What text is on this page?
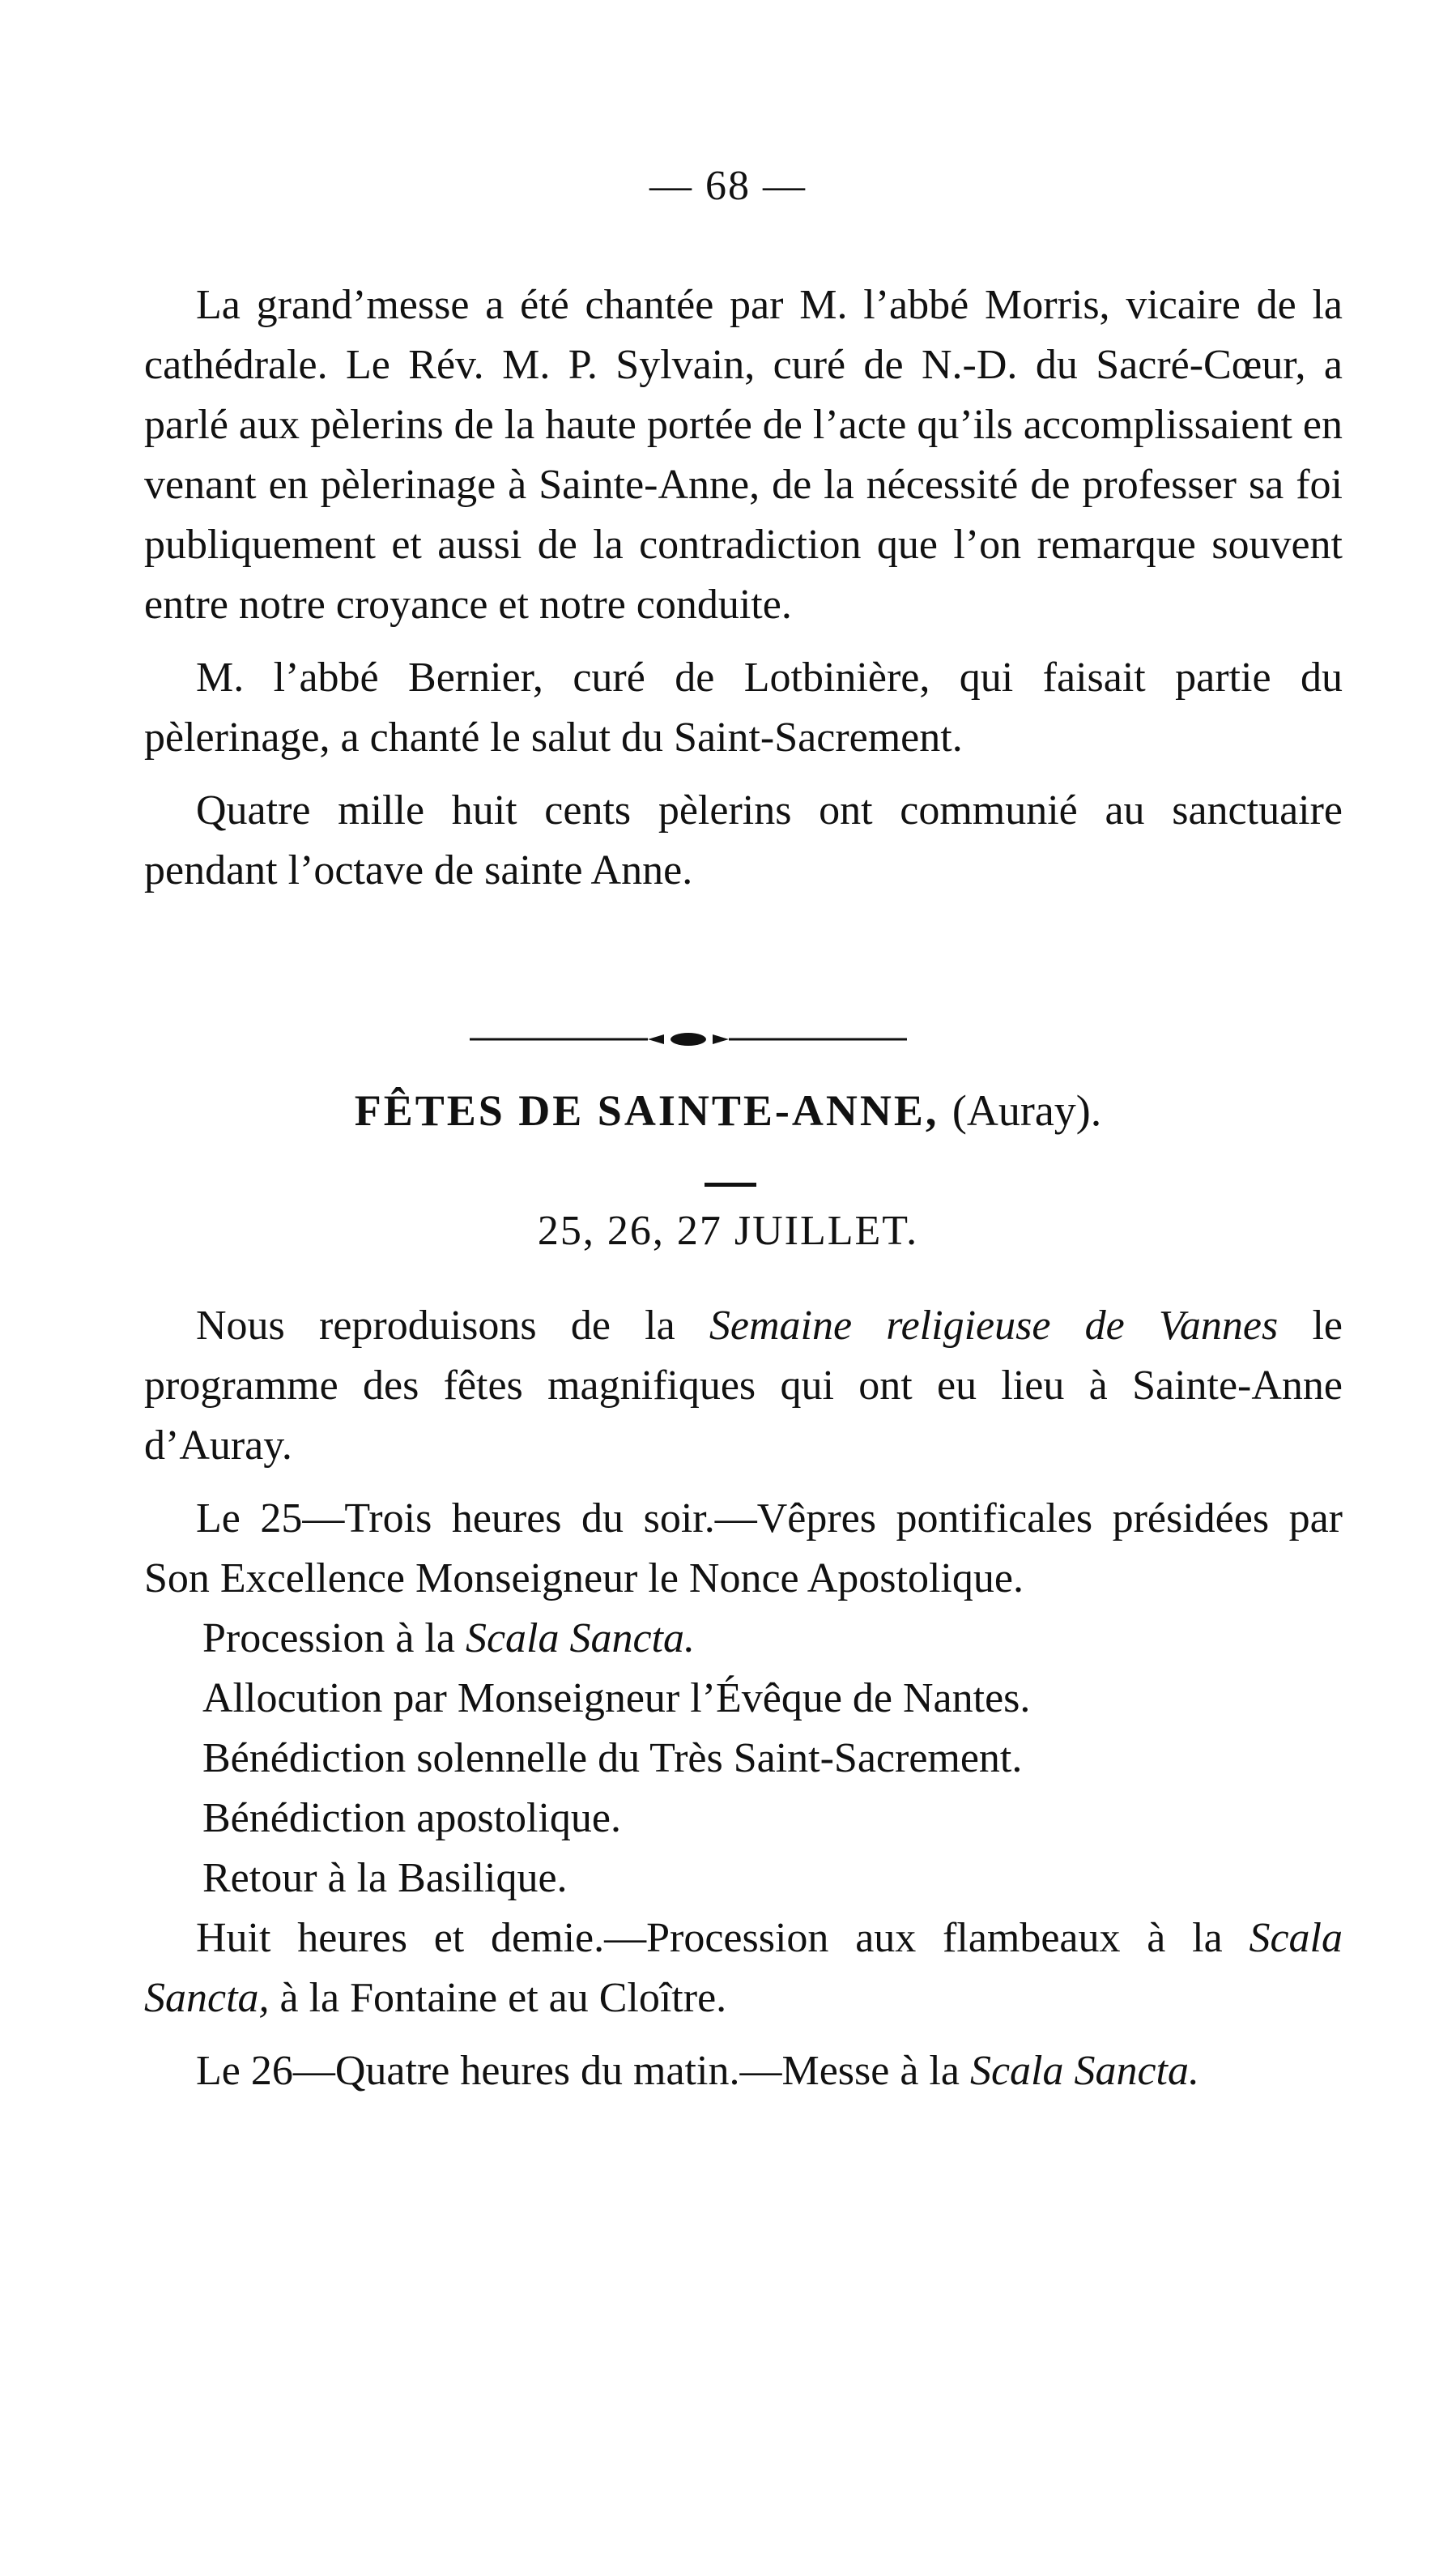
— 68 —

La grand’messe a été chantée par M. l’abbé Morris, vicaire de la cathédrale. Le Rév. M. P. Sylvain, curé de N.-D. du Sacré-Cœur, a parlé aux pèlerins de la haute portée de l’acte qu’ils accomplissaient en venant en pèlerinage à Sainte-Anne, de la nécessité de professer sa foi publiquement et aussi de la contradiction que l’on remarque souvent entre notre croyance et notre conduite.

M. l’abbé Bernier, curé de Lotbinière, qui faisait partie du pèlerinage, a chanté le salut du Saint-Sacrement.

Quatre mille huit cents pèlerins ont communié au sanctuaire pendant l’octave de sainte Anne.

FÊTES DE SAINTE-ANNE, (Auray).
25, 26, 27 JUILLET.

Nous reproduisons de la Semaine religieuse de Vannes le programme des fêtes magnifiques qui ont eu lieu à Sainte-Anne d’Auray.

Le 25—Trois heures du soir.—Vêpres pontificales présidées par Son Excellence Monseigneur le Nonce Apostolique.

Procession à la Scala Sancta.

Allocution par Monseigneur l’Évêque de Nantes.

Bénédiction solennelle du Très Saint-Sacrement.

Bénédiction apostolique.

Retour à la Basilique.

Huit heures et demie.—Procession aux flambeaux à la Scala Sancta, à la Fontaine et au Cloître.

Le 26—Quatre heures du matin.—Messe à la Scala Sancta.
